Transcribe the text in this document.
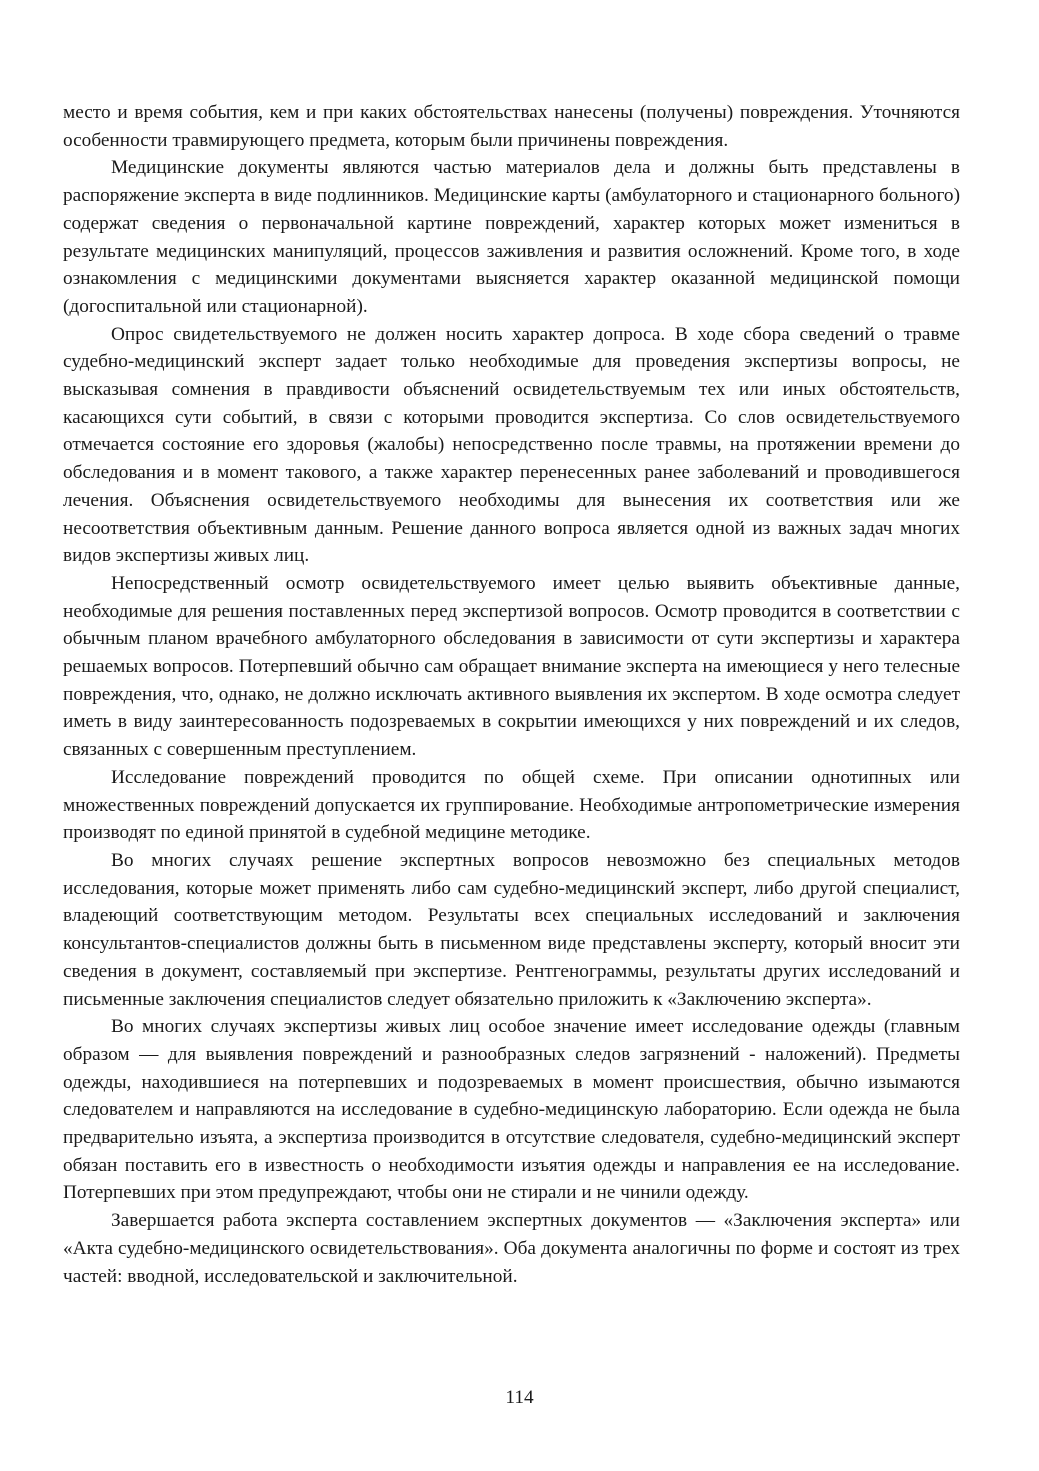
место и время события, кем и при каких обстоятельствах нанесены (получены) повреждения. Уточняются особенности травмирующего предмета, которым были причинены повреждения.

Медицинские документы являются частью материалов дела и должны быть представлены в распоряжение эксперта в виде подлинников. Медицинские карты (амбулаторного и стационарного больного) содержат сведения о первоначальной картине повреждений, характер которых может измениться в результате медицинских манипуляций, процессов заживления и развития осложнений. Кроме того, в ходе ознакомления с медицинскими документами выясняется характер оказанной медицинской помощи (догоспитальной или стационарной).

Опрос свидетельствуемого не должен носить характер допроса. В ходе сбора сведений о травме судебно-медицинский эксперт задает только необходимые для проведения экспертизы вопросы, не высказывая сомнения в правдивости объяснений освидетельствуемым тех или иных обстоятельств, касающихся сути событий, в связи с которыми проводится экспертиза. Со слов освидетельствуемого отмечается состояние его здоровья (жалобы) непосредственно после травмы, на протяжении времени до обследования и в момент такового, а также характер перенесенных ранее заболеваний и проводившегося лечения. Объяснения освидетельствуемого необходимы для вынесения их соответствия или же несоответствия объективным данным. Решение данного вопроса является одной из важных задач многих видов экспертизы живых лиц.

Непосредственный осмотр освидетельствуемого имеет целью выявить объективные данные, необходимые для решения поставленных перед экспертизой вопросов. Осмотр проводится в соответствии с обычным планом врачебного амбулаторного обследования в зависимости от сути экспертизы и характера решаемых вопросов. Потерпевший обычно сам обращает внимание эксперта на имеющиеся у него телесные повреждения, что, однако, не должно исключать активного выявления их экспертом. В ходе осмотра следует иметь в виду заинтересованность подозреваемых в сокрытии имеющихся у них повреждений и их следов, связанных с совершенным преступлением.

Исследование повреждений проводится по общей схеме. При описании однотипных или множественных повреждений допускается их группирование. Необходимые антропометрические измерения производят по единой принятой в судебной медицине методике.

Во многих случаях решение экспертных вопросов невозможно без специальных методов исследования, которые может применять либо сам судебно-медицинский эксперт, либо другой специалист, владеющий соответствующим методом. Результаты всех специальных исследований и заключения консультантов-специалистов должны быть в письменном виде представлены эксперту, который вносит эти сведения в документ, составляемый при экспертизе. Рентгенограммы, результаты других исследований и письменные заключения специалистов следует обязательно приложить к «Заключению эксперта».

Во многих случаях экспертизы живых лиц особое значение имеет исследование одежды (главным образом — для выявления повреждений и разнообразных следов загрязнений - наложений). Предметы одежды, находившиеся на потерпевших и подозреваемых в момент происшествия, обычно изымаются следователем и направляются на исследование в судебно-медицинскую лабораторию. Если одежда не была предварительно изъята, а экспертиза производится в отсутствие следователя, судебно-медицинский эксперт обязан поставить его в известность о необходимости изъятия одежды и направления ее на исследование. Потерпевших при этом предупреждают, чтобы они не стирали и не чинили одежду.

Завершается работа эксперта составлением экспертных документов — «Заключения эксперта» или «Акта судебно-медицинского освидетельствования». Оба документа аналогичны по форме и состоят из трех частей: вводной, исследовательской и заключительной.

114
